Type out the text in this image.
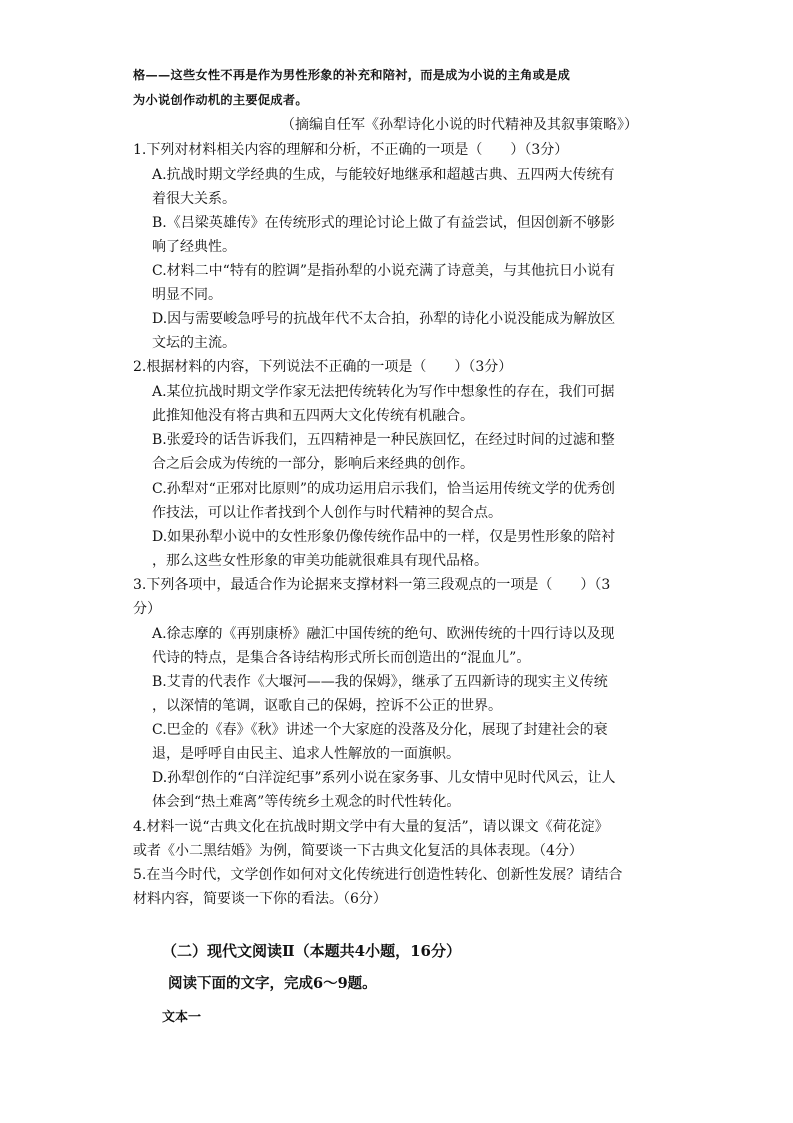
格——这些女性不再是作为男性形象的补充和陪衬，而是成为小说的主角或是成
为小说创作动机的主要促成者。
（摘编自任军《孙犁诗化小说的时代精神及其叙事策略》）
1.下列对材料相关内容的理解和分析，不正确的一项是（　　）（3分）
A.抗战时期文学经典的生成，与能较好地继承和超越古典、五四两大传统有
着很大关系。
B.《吕梁英雄传》在传统形式的理论讨论上做了有益尝试，但因创新不够影
响了经典性。
C.材料二中“特有的腔调”是指孙犁的小说充满了诗意美，与其他抗日小说有
明显不同。
D.因与需要峻急呼号的抗战年代不太合拍，孙犁的诗化小说没能成为解放区
文坛的主流。
2.根据材料的内容，下列说法不正确的一项是（　　）（3分）
A.某位抗战时期文学作家无法把传统转化为写作中想象性的存在，我们可据
此推知他没有将古典和五四两大文化传统有机融合。
B.张爱玲的话告诉我们，五四精神是一种民族回忆，在经过时间的过滤和整
合之后会成为传统的一部分，影响后来经典的创作。
C.孙犁对“正邪对比原则”的成功运用启示我们，恰当运用传统文学的优秀创
作技法，可以让作者找到个人创作与时代精神的契合点。
D.如果孙犁小说中的女性形象仍像传统作品中的一样，仅是男性形象的陪衬
，那么这些女性形象的审美功能就很难具有现代品格。
3.下列各项中，最适合作为论据来支撑材料一第三段观点的一项是（　　）（3
分）
A.徐志摩的《再别康桥》融汇中国传统的绝句、欧洲传统的十四行诗以及现
代诗的特点，是集合各诗结构形式所长而创造出的“混血儿”。
B.艾青的代表作《大堰河——我的保姆》，继承了五四新诗的现实主义传统
，以深情的笔调，讴歌自己的保姆，控诉不公正的世界。
C.巴金的《春》《秋》讲述一个大家庭的没落及分化，展现了封建社会的衰
退，是呼呼自由民主、追求人性解放的一面旗帜。
D.孙犁创作的“白洋淀纪事”系列小说在家务事、儿女情中见时代风云，让人
体会到“热土难离”等传统乡土观念的时代性转化。
4.材料一说“古典文化在抗战时期文学中有大量的复活”，请以课文《荷花淀》
或者《小二黑结婚》为例，简要谈一下古典文化复活的具体表现。（4分）
5.在当今时代，文学创作如何对文化传统进行创造性转化、创新性发展？请结合
材料内容，简要谈一下你的看法。（6分）
（二）现代文阅读Ⅱ（本题共4小题，16分）
阅读下面的文字，完成6～9题。
文本一
